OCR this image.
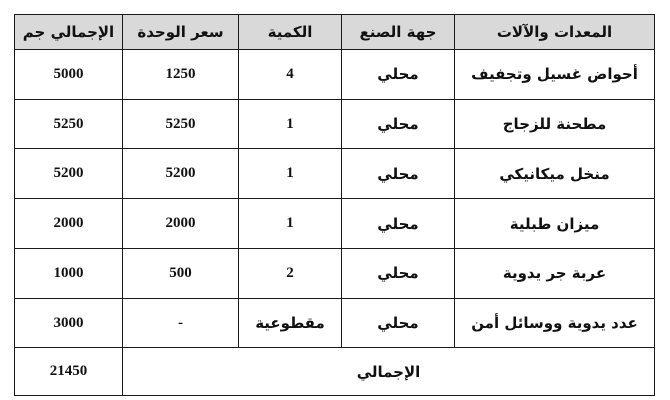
المعدات والآلات	جهة الصنع	الكمية	سعر الوحدة	الإجمالي جم
أحواض غسيل وتجفيف	محلي	4	1250	5000
مطحنة للزجاج	محلي	1	5250	5250
منخل ميكانيكي	محلي	1	5200	5200
ميزان طبلية	محلي	1	2000	2000
عربة جر يدوية	محلي	2	500	1000
عدد يدوية ووسائل أمن	محلي	مقطوعية	-	3000
الإجمالي				21450
